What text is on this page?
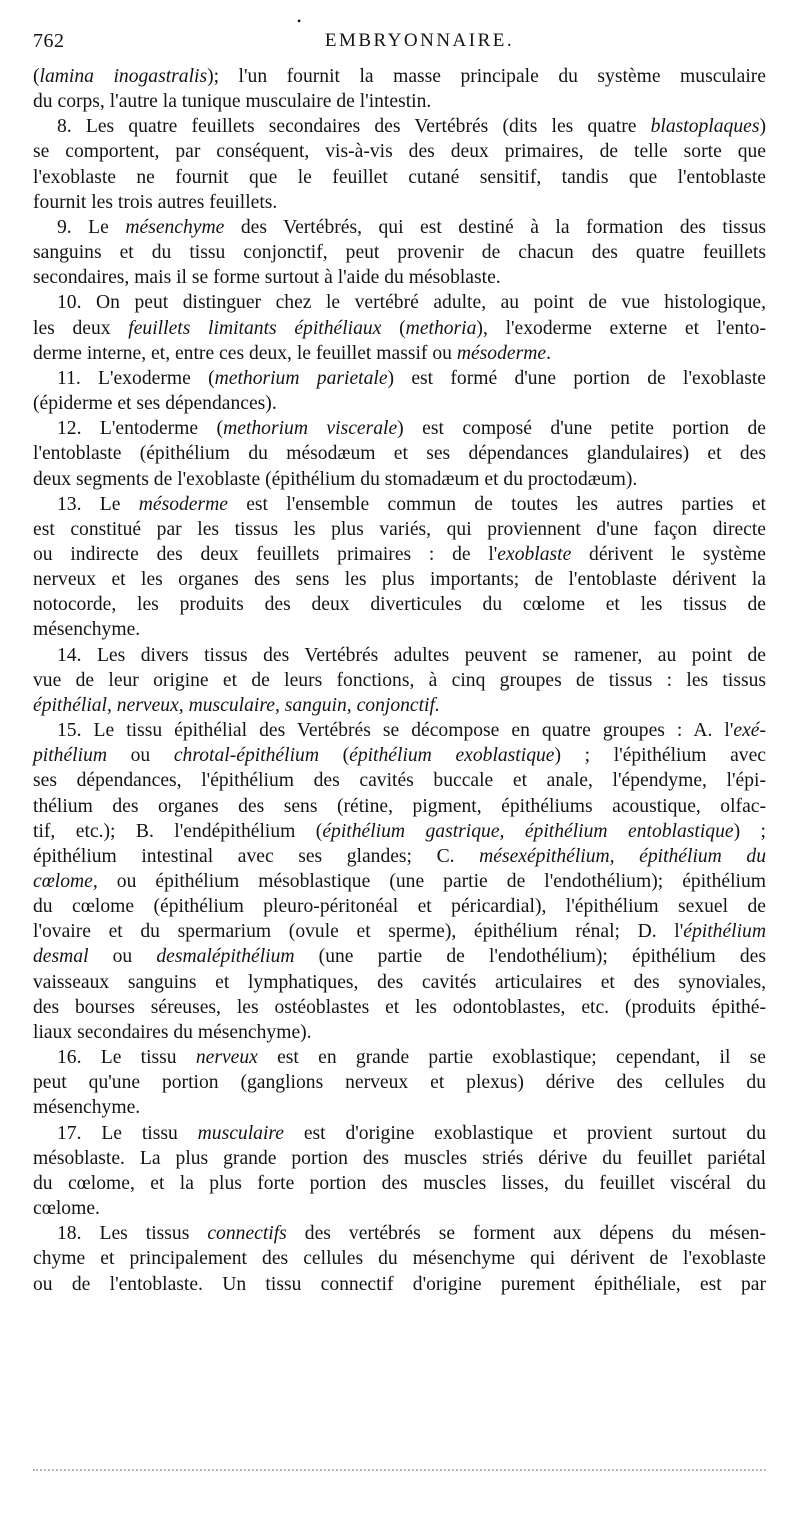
762
•
EMBRYONNAIRE.
(lamina inogastralis); l'un fournit la masse principale du système musculaire
du corps, l'autre la tunique musculaire de l'intestin.
8. Les quatre feuillets secondaires des Vertébrés (dits les quatre blastoplaques)
se comportent, par conséquent, vis-à-vis des deux primaires, de telle sorte que
l'exoblaste ne fournit que le feuillet cutané sensitif, tandis que l'entoblaste
fournit les trois autres feuillets.
9. Le mésenchyme des Vertébrés, qui est destiné à la formation des tissus
sanguins et du tissu conjonctif, peut provenir de chacun des quatre feuillets
secondaires, mais il se forme surtout à l'aide du mésoblaste.
10. On peut distinguer chez le vertébré adulte, au point de vue histologique,
les deux feuillets limitants épithéliaux (methoria), l'exoderme externe et l'ento-
derme interne, et, entre ces deux, le feuillet massif ou mésoderme.
11. L'exoderme (methorium parietale) est formé d'une portion de l'exoblaste
(épiderme et ses dépendances).
12. L'entoderme (methorium viscerale) est composé d'une petite portion de
l'entoblaste (épithélium du mésodæum et ses dépendances glandulaires) et des
deux segments de l'exoblaste (épithélium du stomadæum et du proctodæum).
13. Le mésoderme est l'ensemble commun de toutes les autres parties et
est constitué par les tissus les plus variés, qui proviennent d'une façon directe
ou indirecte des deux feuillets primaires : de l'exoblaste dérivent le système
nerveux et les organes des sens les plus importants; de l'entoblaste dérivent la
notocorde, les produits des deux diverticules du cœlome et les tissus de
mésenchyme.
14. Les divers tissus des Vertébrés adultes peuvent se ramener, au point de
vue de leur origine et de leurs fonctions, à cinq groupes de tissus : les tissus
épithélial, nerveux, musculaire, sanguin, conjonctif.
15. Le tissu épithélial des Vertébrés se décompose en quatre groupes : A. l'exé-
pithélium ou chrotal-épithélium (épithélium exoblastique) ; l'épithélium avec
ses dépendances, l'épithélium des cavités buccale et anale, l'épendyme, l'épi-
thélium des organes des sens (rétine, pigment, épithéliums acoustique, olfac-
tif, etc.); B. l'endépithélium (épithélium gastrique, épithélium entoblastique) ;
épithélium intestinal avec ses glandes; C. mésexépithélium, épithélium du
cœlome, ou épithélium mésoblastique (une partie de l'endothélium); épithélium
du cœlome (épithélium pleuro-péritonéal et péricardial), l'épithélium sexuel de
l'ovaire et du spermarium (ovule et sperme), épithélium rénal; D. l'épithélium
desmal ou desmalépithélium (une partie de l'endothélium); épithélium des
vaisseaux sanguins et lymphatiques, des cavités articulaires et des synoviales,
des bourses séreuses, les ostéoblastes et les odontoblastes, etc. (produits épithé-
liaux secondaires du mésenchyme).
16. Le tissu nerveux est en grande partie exoblastique; cependant, il se
peut qu'une portion (ganglions nerveux et plexus) dérive des cellules du
mésenchyme.
17. Le tissu musculaire est d'origine exoblastique et provient surtout du
mésoblaste. La plus grande portion des muscles striés dérive du feuillet pariétal
du cœlome, et la plus forte portion des muscles lisses, du feuillet viscéral du
cœlome.
18. Les tissus connectifs des vertébrés se forment aux dépens du mésen-
chyme et principalement des cellules du mésenchyme qui dérivent de l'exoblaste
ou de l'entoblaste. Un tissu connectif d'origine purement épithéliale, est par
